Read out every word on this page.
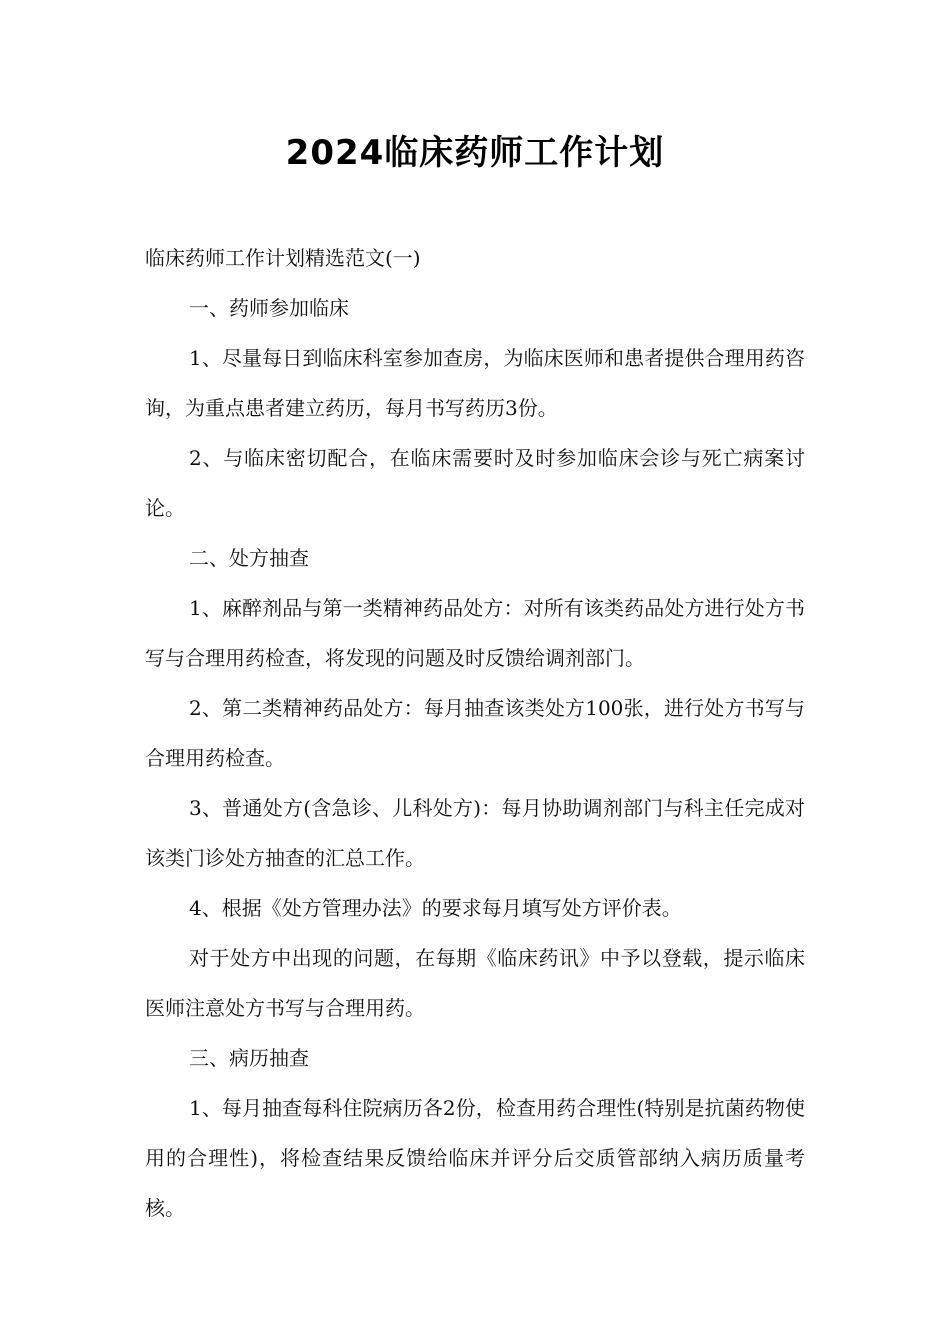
2024临床药师工作计划

临床药师工作计划精选范文(一)

一、药师参加临床

1、尽量每日到临床科室参加查房，为临床医师和患者提供合理用药咨询，为重点患者建立药历，每月书写药历3份。

2、与临床密切配合，在临床需要时及时参加临床会诊与死亡病案讨论。

二、处方抽查

1、麻醉剂品与第一类精神药品处方：对所有该类药品处方进行处方书写与合理用药检查，将发现的问题及时反馈给调剂部门。

2、第二类精神药品处方：每月抽查该类处方100张，进行处方书写与合理用药检查。

3、普通处方(含急诊、儿科处方)：每月协助调剂部门与科主任完成对该类门诊处方抽查的汇总工作。

4、根据《处方管理办法》的要求每月填写处方评价表。

对于处方中出现的问题，在每期《临床药讯》中予以登载，提示临床医师注意处方书写与合理用药。

三、病历抽查

1、每月抽查每科住院病历各2份，检查用药合理性(特别是抗菌药物使用的合理性)，将检查结果反馈给临床并评分后交质管部纳入病历质量考核。
